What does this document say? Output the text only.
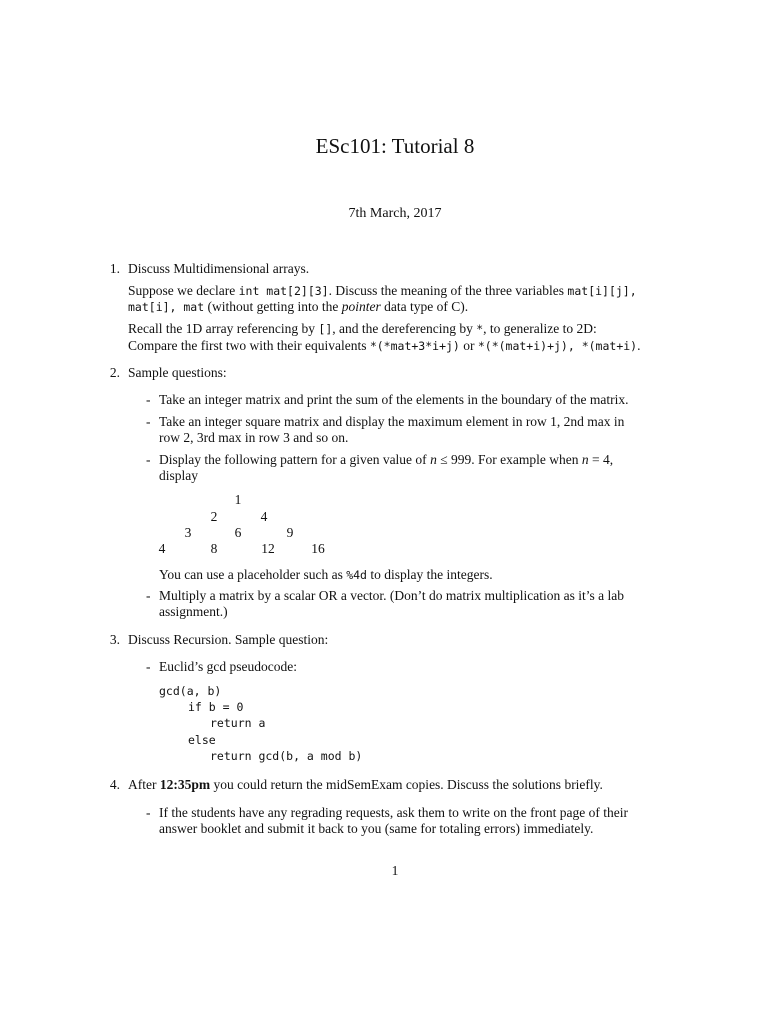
ESc101: Tutorial 8
7th March, 2017
1. Discuss Multidimensional arrays.
Suppose we declare int mat[2][3]. Discuss the meaning of the three variables mat[i][j],
mat[i], mat (without getting into the pointer data type of C).
Recall the 1D array referencing by [], and the dereferencing by *, to generalize to 2D:
Compare the first two with their equivalents *(*mat+3*i+j) or *(*(mat+i)+j), *(mat+i).
2. Sample questions:
- Take an integer matrix and print the sum of the elements in the boundary of the matrix.
- Take an integer square matrix and display the maximum element in row 1, 2nd max in
row 2, 3rd max in row 3 and so on.
- Display the following pattern for a given value of n ≤ 999. For example when n = 4,
display
1
2	4
3	6	9
4	8	12	16
You can use a placeholder such as %4d to display the integers.
- Multiply a matrix by a scalar OR a vector. (Don’t do matrix multiplication as it’s a lab
assignment.)
3. Discuss Recursion. Sample question:
- Euclid’s gcd pseudocode:
gcd(a, b)
if b = 0
return a
else
return gcd(b, a mod b)
4. After 12:35pm you could return the midSemExam copies. Discuss the solutions briefly.
- If the students have any regrading requests, ask them to write on the front page of their
answer booklet and submit it back to you (same for totaling errors) immediately.
1
